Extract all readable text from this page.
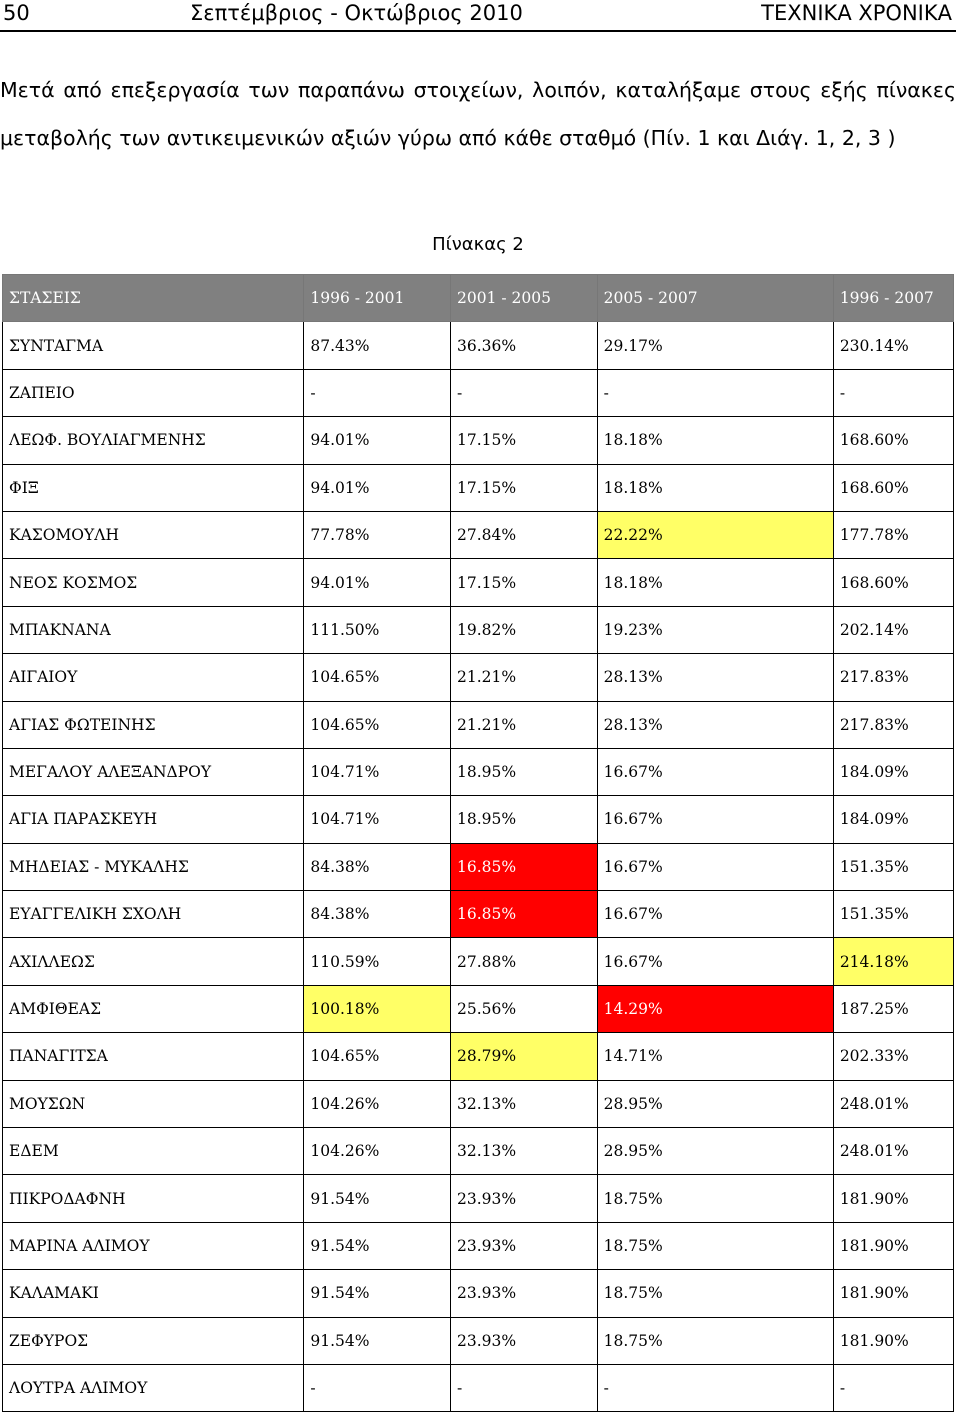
50	Σεπτέμβριος - Οκτώβριος 2010	ΤΕΧΝΙΚΑ ΧΡΟΝΙΚΑ

Μετά από επεξεργασία των παραπάνω στοιχείων, λοιπόν, καταλήξαμε στους εξής πίνακες μεταβολής των αντικειμενικών αξιών γύρω από κάθε σταθμό (Πίν. 1 και Διάγ. 1, 2, 3 )

Πίνακας 2
ΣΤΑΣΕΙΣ	1996 - 2001	2001 - 2005	2005 - 2007	1996 - 2007
ΣΥΝΤΑΓΜΑ	87.43%	36.36%	29.17%	230.14%
ΖΑΠΕΙΟ	-	-	-	-
ΛΕΩΦ. ΒΟΥΛΙΑΓΜΕΝΗΣ	94.01%	17.15%	18.18%	168.60%
ΦΙΞ	94.01%	17.15%	18.18%	168.60%
ΚΑΣΟΜΟΥΛΗ	77.78%	27.84%	22.22%	177.78%
ΝΕΟΣ ΚΟΣΜΟΣ	94.01%	17.15%	18.18%	168.60%
ΜΠΑΚΝΑΝΑ	111.50%	19.82%	19.23%	202.14%
ΑΙΓΑΙΟΥ	104.65%	21.21%	28.13%	217.83%
ΑΓΙΑΣ ΦΩΤΕΙΝΗΣ	104.65%	21.21%	28.13%	217.83%
ΜΕΓΑΛΟΥ ΑΛΕΞΑΝΔΡΟΥ	104.71%	18.95%	16.67%	184.09%
ΑΓΙΑ ΠΑΡΑΣΚΕΥΗ	104.71%	18.95%	16.67%	184.09%
ΜΗΔΕΙΑΣ - ΜΥΚΑΛΗΣ	84.38%	16.85%	16.67%	151.35%
ΕΥΑΓΓΕΛΙΚΗ ΣΧΟΛΗ	84.38%	16.85%	16.67%	151.35%
ΑΧΙΛΛΕΩΣ	110.59%	27.88%	16.67%	214.18%
ΑΜΦΙΘΕΑΣ	100.18%	25.56%	14.29%	187.25%
ΠΑΝΑΓΙΤΣΑ	104.65%	28.79%	14.71%	202.33%
ΜΟΥΣΩΝ	104.26%	32.13%	28.95%	248.01%
ΕΔΕΜ	104.26%	32.13%	28.95%	248.01%
ΠΙΚΡΟΔΑΦΝΗ	91.54%	23.93%	18.75%	181.90%
ΜΑΡΙΝΑ ΑΛΙΜΟΥ	91.54%	23.93%	18.75%	181.90%
ΚΑΛΑΜΑΚΙ	91.54%	23.93%	18.75%	181.90%
ΖΕΦΥΡΟΣ	91.54%	23.93%	18.75%	181.90%
ΛΟΥΤΡΑ ΑΛΙΜΟΥ	-	-	-	-
